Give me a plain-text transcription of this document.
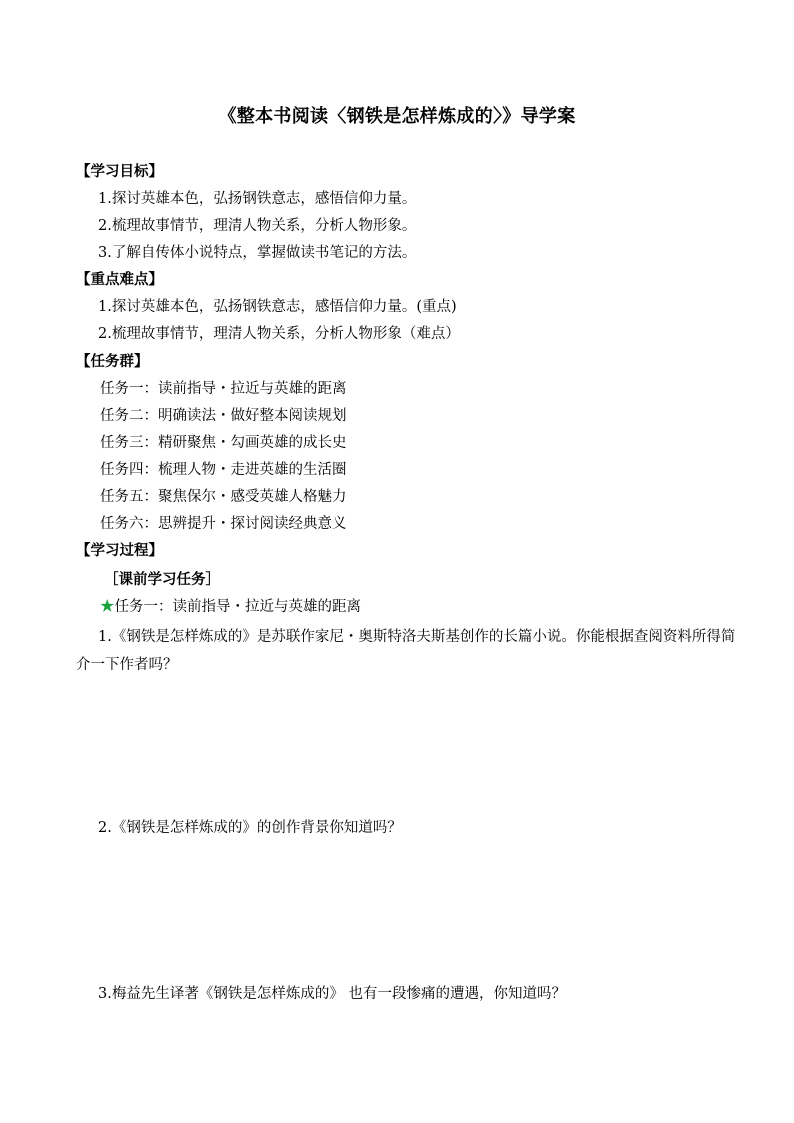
《整本书阅读〈钢铁是怎样炼成的〉》导学案
【学习目标】
1.探讨英雄本色，弘扬钢铁意志，感悟信仰力量。
2.梳理故事情节，理清人物关系，分析人物形象。
3.了解自传体小说特点，掌握做读书笔记的方法。
【重点难点】
1.探讨英雄本色，弘扬钢铁意志，感悟信仰力量。(重点)
2.梳理故事情节，理清人物关系，分析人物形象（难点）
【任务群】
任务一：读前指导・拉近与英雄的距离
任务二：明确读法・做好整本阅读规划
任务三：精研聚焦・勾画英雄的成长史
任务四：梳理人物・走进英雄的生活圈
任务五：聚焦保尔・感受英雄人格魅力
任务六：思辨提升・探讨阅读经典意义
【学习过程】
［课前学习任务］
★任务一：读前指导・拉近与英雄的距离
1.《钢铁是怎样炼成的》是苏联作家尼・奥斯特洛夫斯基创作的长篇小说。你能根据查阅资料所得简介一下作者吗？
2.《钢铁是怎样炼成的》的创作背景你知道吗？
3.梅益先生译著《钢铁是怎样炼成的》 也有一段惨痛的遭遇，你知道吗？
